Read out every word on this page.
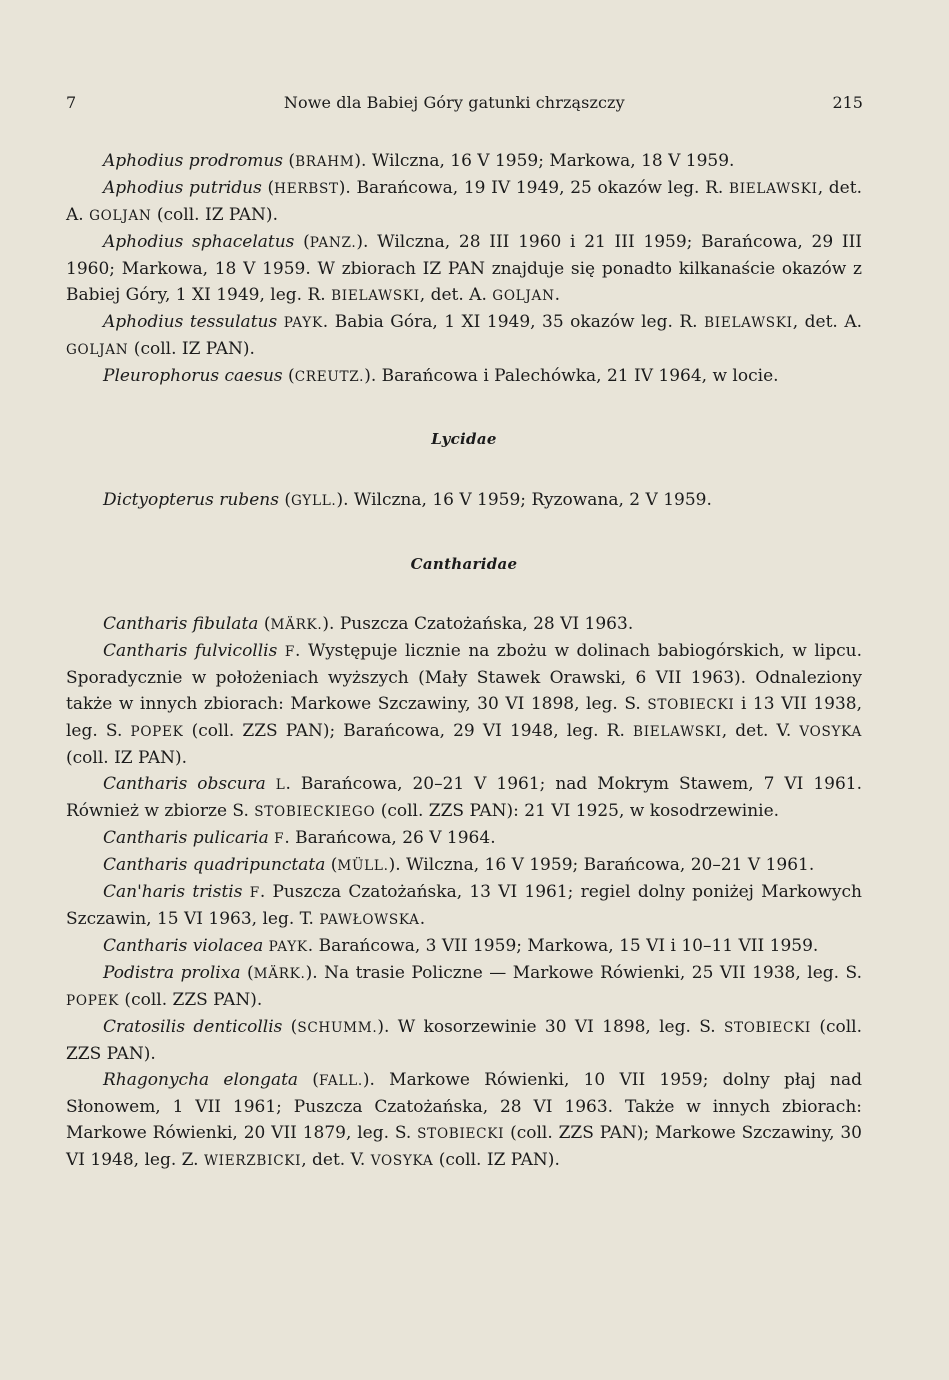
7	Nowe dla Babiej Góry gatunki chrząszczy	215

Aphodius prodromus (BRAHM). Wilczna, 16 V 1959; Markowa, 18 V 1959.

Aphodius putridus (HERBST). Barańcowa, 19 IV 1949, 25 okazów leg. R. BIELAWSKI, det. A. GOLJAN (coll. IZ PAN).

Aphodius sphacelatus (PANZ.). Wilczna, 28 III 1960 i 21 III 1959; Barańcowa, 29 III 1960; Markowa, 18 V 1959. W zbiorach IZ PAN znajduje się ponadto kilkanaście okazów z Babiej Góry, 1 XI 1949, leg. R. BIELAWSKI, det. A. GOLJAN.

Aphodius tessulatus PAYK. Babia Góra, 1 XI 1949, 35 okazów leg. R. BIELAWSKI, det. A. GOLJAN (coll. IZ PAN).

Pleurophorus caesus (CREUTZ.). Barańcowa i Palechówka, 21 IV 1964, w locie.

Lycidae

Dictyopterus rubens (GYLL.). Wilczna, 16 V 1959; Ryzowana, 2 V 1959.

Cantharidae

Cantharis fibulata (MÄRK.). Puszcza Czatożańska, 28 VI 1963.

Cantharis fulvicollis F. Występuje licznie na zbożu w dolinach babiogórskich, w lipcu. Sporadycznie w położeniach wyższych (Mały Stawek Orawski, 6 VII 1963). Odnaleziony także w innych zbiorach: Markowe Szczawiny, 30 VI 1898, leg. S. STOBIECKI i 13 VII 1938, leg. S. POPEK (coll. ZZS PAN); Barańcowa, 29 VI 1948, leg. R. BIELAWSKI, det. V. VOSYKA (coll. IZ PAN).

Cantharis obscura L. Barańcowa, 20–21 V 1961; nad Mokrym Stawem, 7 VI 1961. Również w zbiorze S. STOBIECKIEGO (coll. ZZS PAN): 21 VI 1925, w kosodrzewinie.

Cantharis pulicaria F. Barańcowa, 26 V 1964.

Cantharis quadripunctata (MÜLL.). Wilczna, 16 V 1959; Barańcowa, 20–21 V 1961.

Can'haris tristis F. Puszcza Czatożańska, 13 VI 1961; regiel dolny poniżej Markowych Szczawin, 15 VI 1963, leg. T. PAWŁOWSKA.

Cantharis violacea PAYK. Barańcowa, 3 VII 1959; Markowa, 15 VI i 10–11 VII 1959.

Podistra prolixa (MÄRK.). Na trasie Policzne — Markowe Rówienki, 25 VII 1938, leg. S. POPEK (coll. ZZS PAN).

Cratosilis denticollis (SCHUMM.). W kosorzewinie 30 VI 1898, leg. S. STOBIECKI (coll. ZZS PAN).

Rhagonycha elongata (FALL.). Markowe Rówienki, 10 VII 1959; dolny płaj nad Słonowem, 1 VII 1961; Puszcza Czatożańska, 28 VI 1963. Także w innych zbiorach: Markowe Rówienki, 20 VII 1879, leg. S. STOBIECKI (coll. ZZS PAN); Markowe Szczawiny, 30 VI 1948, leg. Z. WIERZBICKI, det. V. VOSYKA (coll. IZ PAN).
